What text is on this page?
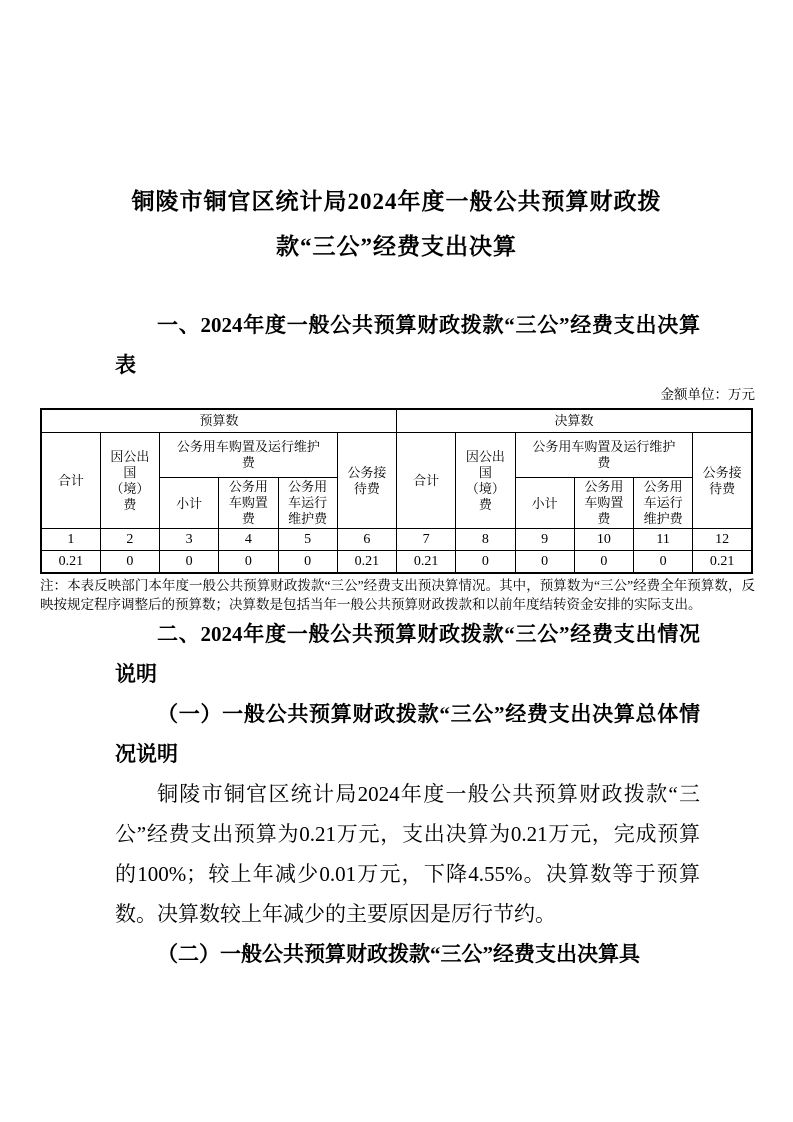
铜陵市铜官区统计局2024年度一般公共预算财政拨
款“三公”经费支出决算
一、2024年度一般公共预算财政拨款“三公”经费支出决算表
金额单位：万元
预算数						决算数					
合计	因公出国（境）费	公务用车购置及运行维护费			公务接待费	合计	因公出国（境）费	公务用车购置及运行维护费			公务接待费
		小计	公务用车购置费	公务用车运行维护费				小计	公务用车购置费	公务用车运行维护费	
1	2	3	4	5	6	7	8	9	10	11	12
0.21	0	0	0	0	0.21	0.21	0	0	0	0	0.21
注：本表反映部门本年度一般公共预算财政拨款“三公”经费支出预决算情况。其中，预算数为“三公”经费全年预算数，反映按规定程序调整后的预算数；决算数是包括当年一般公共预算财政拨款和以前年度结转资金安排的实际支出。
二、2024年度一般公共预算财政拨款“三公”经费支出情况说明
（一）一般公共预算财政拨款“三公”经费支出决算总体情况说明
铜陵市铜官区统计局2024年度一般公共预算财政拨款“三公”经费支出预算为0.21万元，支出决算为0.21万元，完成预算的100%；较上年减少0.01万元，下降4.55%。决算数等于预算数。决算数较上年减少的主要原因是厉行节约。
（二）一般公共预算财政拨款“三公”经费支出决算具
